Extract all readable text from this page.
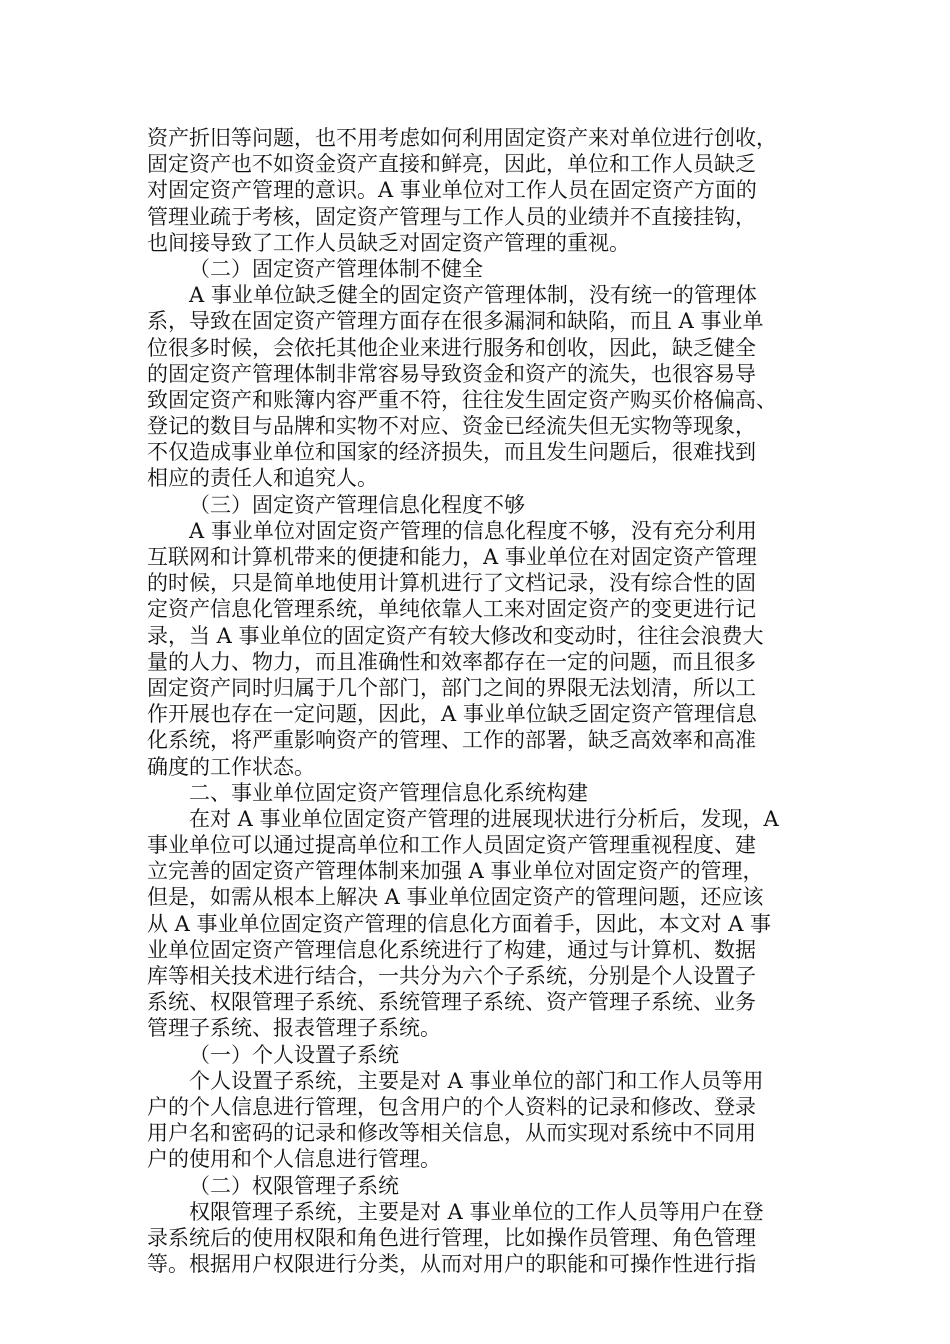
资产折旧等问题，也不用考虑如何利用固定资产来对单位进行创收，
固定资产也不如资金资产直接和鲜亮，因此，单位和工作人员缺乏
对固定资产管理的意识。A 事业单位对工作人员在固定资产方面的
管理业疏于考核，固定资产管理与工作人员的业绩并不直接挂钩，
也间接导致了工作人员缺乏对固定资产管理的重视。
（二）固定资产管理体制不健全
A 事业单位缺乏健全的固定资产管理体制，没有统一的管理体
系，导致在固定资产管理方面存在很多漏洞和缺陷，而且 A 事业单
位很多时候，会依托其他企业来进行服务和创收，因此，缺乏健全
的固定资产管理体制非常容易导致资金和资产的流失，也很容易导
致固定资产和账簿内容严重不符，往往发生固定资产购买价格偏高、
登记的数目与品牌和实物不对应、资金已经流失但无实物等现象，
不仅造成事业单位和国家的经济损失，而且发生问题后，很难找到
相应的责任人和追究人。
（三）固定资产管理信息化程度不够
A 事业单位对固定资产管理的信息化程度不够，没有充分利用
互联网和计算机带来的便捷和能力，A 事业单位在对固定资产管理
的时候，只是简单地使用计算机进行了文档记录，没有综合性的固
定资产信息化管理系统，单纯依靠人工来对固定资产的变更进行记
录，当 A 事业单位的固定资产有较大修改和变动时，往往会浪费大
量的人力、物力，而且准确性和效率都存在一定的问题，而且很多
固定资产同时归属于几个部门，部门之间的界限无法划清，所以工
作开展也存在一定问题，因此，A 事业单位缺乏固定资产管理信息
化系统，将严重影响资产的管理、工作的部署，缺乏高效率和高准
确度的工作状态。
二、事业单位固定资产管理信息化系统构建
在对 A 事业单位固定资产管理的进展现状进行分析后，发现，A
事业单位可以通过提高单位和工作人员固定资产管理重视程度、建
立完善的固定资产管理体制来加强 A 事业单位对固定资产的管理，
但是，如需从根本上解决 A 事业单位固定资产的管理问题，还应该
从 A 事业单位固定资产管理的信息化方面着手，因此，本文对 A 事
业单位固定资产管理信息化系统进行了构建，通过与计算机、数据
库等相关技术进行结合，一共分为六个子系统，分别是个人设置子
系统、权限管理子系统、系统管理子系统、资产管理子系统、业务
管理子系统、报表管理子系统。
（一）个人设置子系统
个人设置子系统，主要是对 A 事业单位的部门和工作人员等用
户的个人信息进行管理，包含用户的个人资料的记录和修改、登录
用户名和密码的记录和修改等相关信息，从而实现对系统中不同用
户的使用和个人信息进行管理。
（二）权限管理子系统
权限管理子系统，主要是对 A 事业单位的工作人员等用户在登
录系统后的使用权限和角色进行管理，比如操作员管理、角色管理
等。根据用户权限进行分类，从而对用户的职能和可操作性进行指
